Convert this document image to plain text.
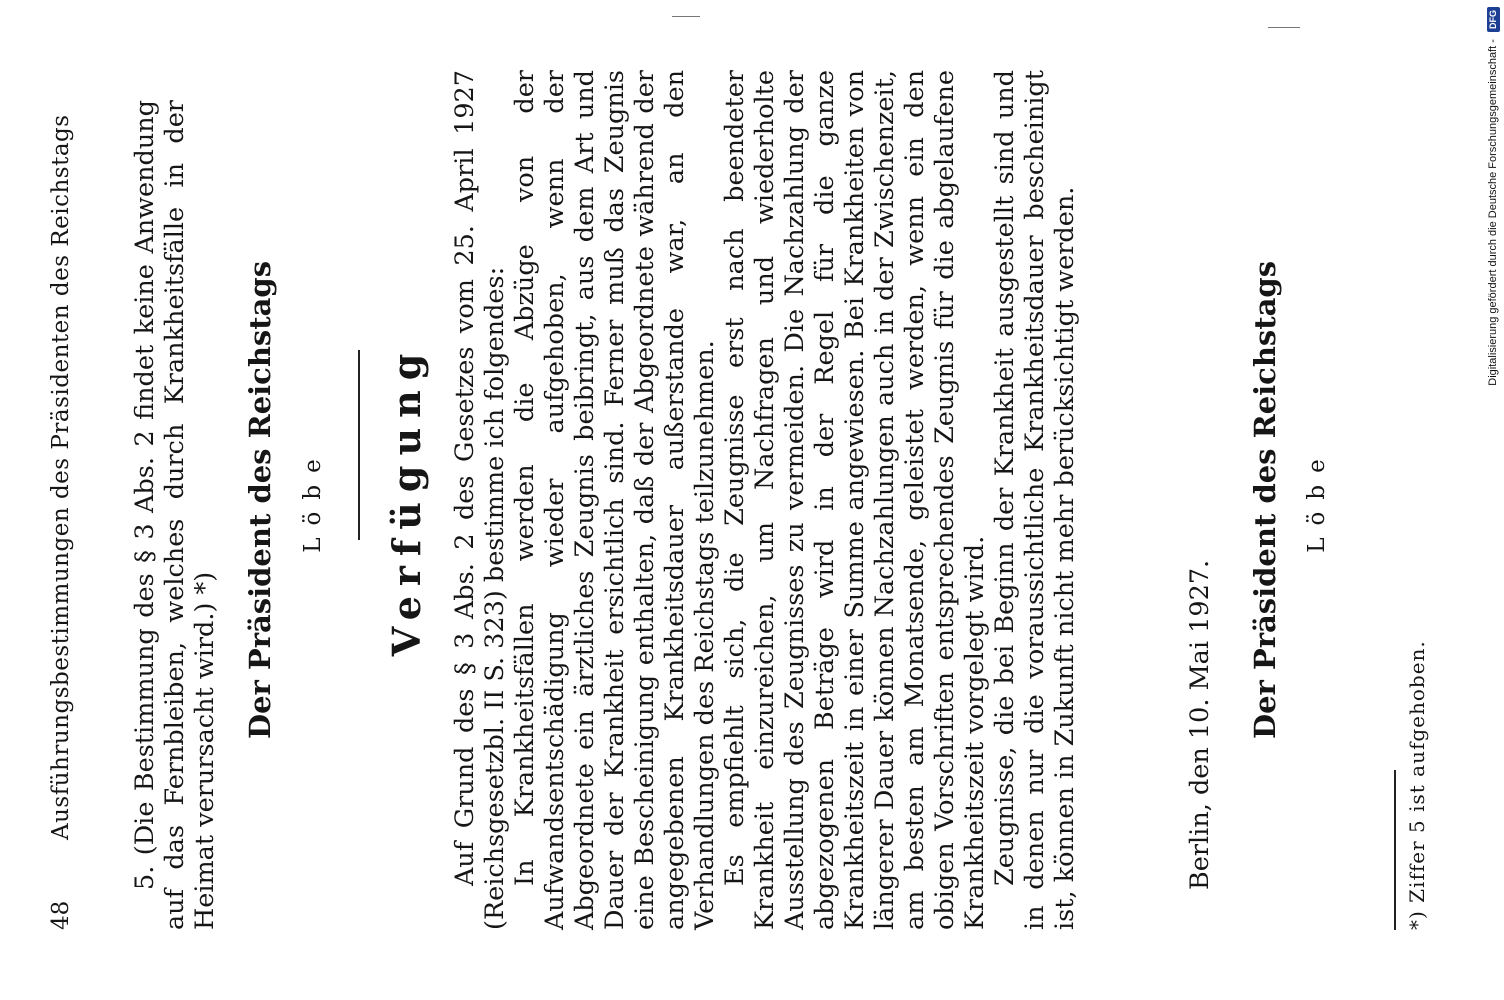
48
Ausführungsbestimmungen des Präsidenten des Reichstags 5. (Die Bestimmung des § 3 Abs. 2 findet keine Anwendung auf das Fernbleiben, welches durch Krankheitsfälle in der Heimat verursacht wird.) *)

Der Präsident des Reichstags Löbe Verfügung Auf Grund des § 3 Abs. 2 des Gesetzes vom 25. April 1927 (Reichsgesetzbl. II S. 323) bestimme ich folgendes: In Krankheitsfällen werden die Abzüge von der Aufwandsentschädigung wieder aufgehoben, wenn der Abgeordnete ein ärztliches Zeugnis beibringt, aus dem Art und Dauer der Krankheit ersichtlich sind. Ferner muß das Zeugnis eine Bescheinigung enthalten, daß der Abgeordnete während der angegebenen Krankheitsdauer außerstande war, an den Verhandlungen des Reichstags teilzunehmen. Es empfiehlt sich, die Zeugnisse erst nach beendeter Krankheit einzureichen, um Nachfragen und wiederholte Ausstellung des Zeugnisses zu vermeiden. Die Nachzahlung der abgezogenen Beträge wird in der Regel für die ganze Krankheitszeit in einer Summe angewiesen. Bei Krankheiten von längerer Dauer können Nachzahlungen auch in der Zwischenzeit, am besten am Monatsende, geleistet werden, wenn ein den obigen Vorschriften entsprechendes Zeugnis für die abgelaufene Krankheitszeit vorgelegt wird. Zeugnisse, die bei Beginn der Krankheit ausgestellt sind und in denen nur die voraussichtliche Krankheitsdauer bescheinigt ist, können in Zukunft nicht mehr berücksichtigt werden.	Berlin, den 10. Mai 1927. Der Präsident des Reichstags Löbe
*) Ziffer 5 ist aufgehoben.
Digitalisierung gefördert durch die Deutsche Forschungsgemeinschaft - DFG
